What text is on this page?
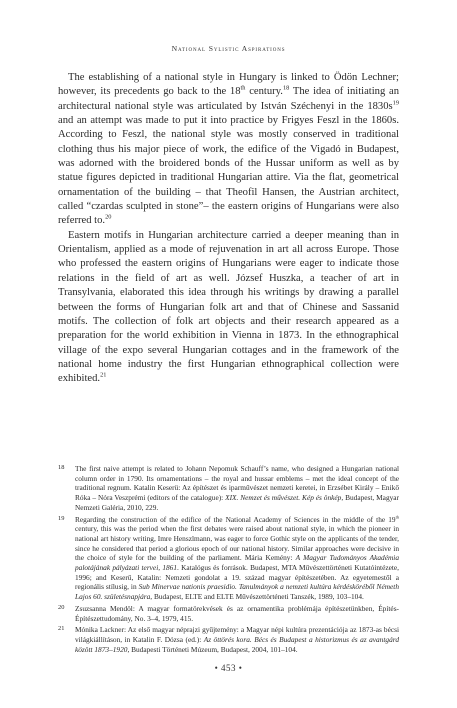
National Sylistic Aspirations

The establishing of a national style in Hungary is linked to Ödön Lechner; however, its precedents go back to the 18th century.$^{18}$ The idea of initiating an architectural national style was articulated by István Széchenyi in the $1830s^{19}$ and an attempt was made to put it into practice by Frigyes Feszl in the 1860s. According to Feszl, the national style was mostly conserved in traditional clothing thus his major piece of work, the edifice of the Vigadó in Budapest, was adorned with the broidered bonds of the Hussar uniform as well as by statue figures depicted in traditional Hungarian attire. Via the flat, geometrical ornamentation of the building – that Theofil Hansen, the Austrian architect, called “czardas sculpted in stone”– the eastern origins of Hungarians were also referred to.$^{20}$

Eastern motifs in Hungarian architecture carried a deeper meaning than in Orientalism, applied as a mode of rejuvenation in art all across Europe. Those who professed the eastern origins of Hungarians were eager to indicate those relations in the field of art as well. József Huszka, a teacher of art in Transylvania, elaborated this idea through his writings by drawing a parallel between the forms of Hungarian folk art and that of Chinese and Sassanid motifs. The collection of folk art objects and their research appeared as a preparation for the world exhibition in Vienna in 1873. In the ethnographical village of the expo several Hungarian cottages and in the framework of the national home industry the first Hungarian ethnographical collection were exhibited.$^{21}$

18	The first naive attempt is related to Johann Nepomuk Schauff’s name, who designed a Hungarian national column order in 1790. Its ornamentations – the royal and hussar emblems – met the ideal concept of the traditional regnum. Katalin Keserü: Az építészet és iparművészet nemzeti keretei, in Erzsébet Király – Enikő Róka – Nóra Veszprémi (editors of the catalogue): XIX. Nemzet és művészet. Kép és önkép, Budapest, Magyar Nemzeti Galéria, 2010, 229.
19	Regarding the construction of the edifice of the National Academy of Sciences in the middle of the 19th century, this was the period when the first debates were raised about national style, in which the pioneer in national art history writing, Imre Henszlmann, was eager to force Gothic style on the applicants of the tender, since he considered that period a glorious epoch of our national history. Similar approaches were decisive in the choice of style for the building of the parliament. Mária Kemény: A Magyar Tudományos Akadémia palotájának pályázati tervei, 1861. Katalógus és források. Budapest, MTA Művészettörténeti Kutatóintézete, 1996; and Keserű, Katalin: Nemzeti gondolat a 19. század magyar építészetében. Az egyetemestől a regionális stílusig, in Sub Minervae nationis praesidio. Tanulmányok a nemzeti kultúra kérdésköréből Németh Lajos 60. születésnapjára, Budapest, ELTE and ELTE Művészettörténeti Tanszék, 1989, 103–104.
20	Zsuzsanna Mendöl: A magyar formatörekvések és az ornamentika problémája építészetünkben, Építés-Építészettudomány, No. 3–4, 1979, 415.
21	Mónika Lackner: Az első magyar néprajzi gyűjtemény: a Magyar népi kultúra prezentációja az 1873-as bécsi világkiállításon, in Katalin F. Dózsa (ed.): Az öttörés kora. Bécs és Budapest a historizmus és az avantgárd között 1873–1920, Budapesti Történeti Múzeum, Budapest, 2004, 101–104.
• 453 •
